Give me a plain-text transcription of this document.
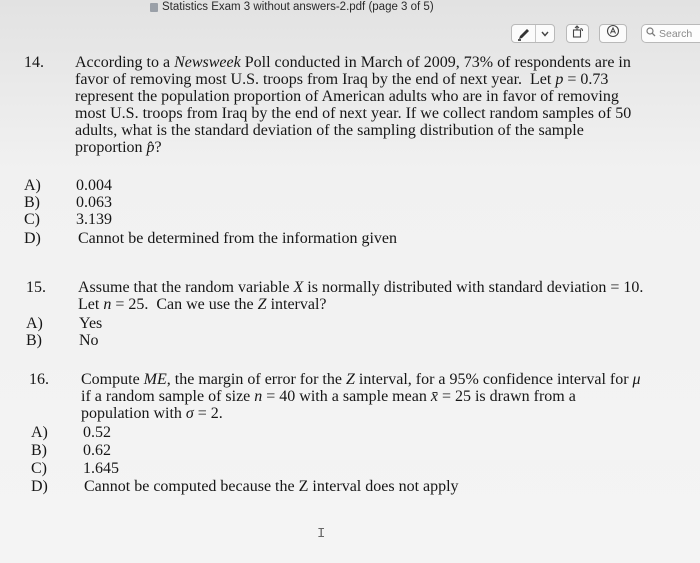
Statistics Exam 3 without answers-2.pdf (page 3 of 5)
Search
14. According to a Newsweek Poll conducted in March of 2009, 73% of respondents are in
favor of removing most U.S. troops from Iraq by the end of next year.  Let p = 0.73
represent the population proportion of American adults who are in favor of removing
most U.S. troops from Iraq by the end of next year. If we collect random samples of 50
adults, what is the standard deviation of the sampling distribution of the sample
proportion p̂?
A) 0.004
B) 0.063
C) 3.139
D) Cannot be determined from the information given
15. Assume that the random variable X is normally distributed with standard deviation = 10.
Let n = 25.  Can we use the Z interval?
A) Yes
B) No
16. Compute ME, the margin of error for the Z interval, for a 95% confidence interval for μ
if a random sample of size n = 40 with a sample mean x̄ = 25 is drawn from a
population with σ = 2.
A) 0.52
B) 0.62
C) 1.645
D) Cannot be computed because the Z interval does not apply
I
